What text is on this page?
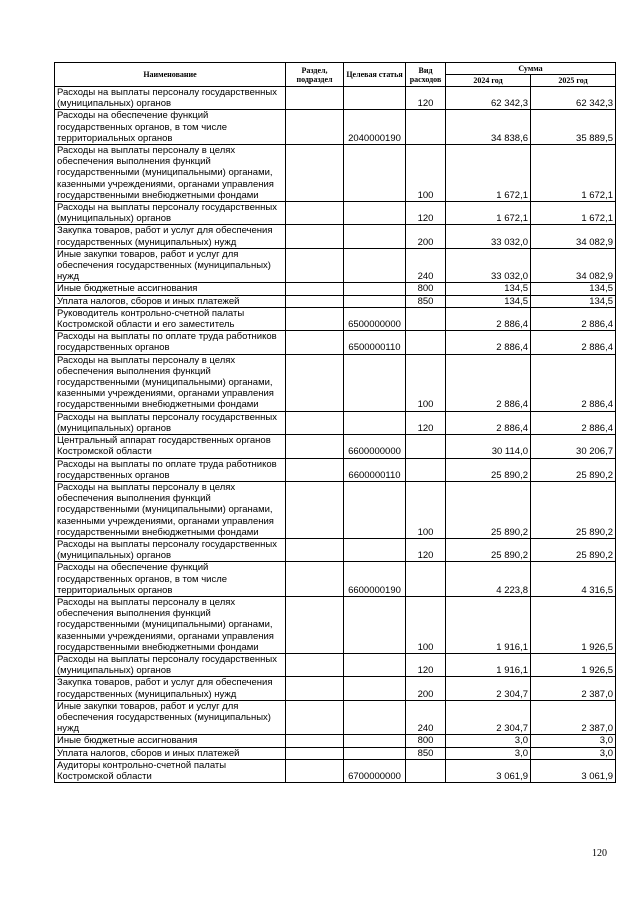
Наименование	Раздел, подраздел	Целевая статья	Вид расходов	Сумма	
				2024 год	2025 год
Расходы на выплаты персоналу государственных (муниципальных) органов			120	62 342,3	62 342,3
Расходы на обеспечение функций государственных органов, в том числе территориальных органов		2040000190		34 838,6	35 889,5
Расходы на выплаты персоналу в целях обеспечения выполнения функций государственными (муниципальными) органами, казенными учреждениями, органами управления государственными внебюджетными фондами			100	1 672,1	1 672,1
Расходы на выплаты персоналу государственных (муниципальных) органов			120	1 672,1	1 672,1
Закупка товаров, работ и услуг для обеспечения государственных (муниципальных) нужд			200	33 032,0	34 082,9
Иные закупки товаров, работ и услуг для обеспечения государственных (муниципальных) нужд			240	33 032,0	34 082,9
Иные бюджетные ассигнования			800	134,5	134,5
Уплата налогов, сборов и иных платежей			850	134,5	134,5
Руководитель контрольно-счетной палаты Костромской области и его заместитель		6500000000		2 886,4	2 886,4
Расходы на выплаты по оплате труда работников государственных органов		6500000110		2 886,4	2 886,4
Расходы на выплаты персоналу в целях обеспечения выполнения функций государственными (муниципальными) органами, казенными учреждениями, органами управления государственными внебюджетными фондами			100	2 886,4	2 886,4
Расходы на выплаты персоналу государственных (муниципальных) органов			120	2 886,4	2 886,4
Центральный аппарат государственных органов Костромской области		6600000000		30 114,0	30 206,7
Расходы на выплаты по оплате труда работников государственных органов		6600000110		25 890,2	25 890,2
Расходы на выплаты персоналу в целях обеспечения выполнения функций государственными (муниципальными) органами, казенными учреждениями, органами управления государственными внебюджетными фондами			100	25 890,2	25 890,2
Расходы на выплаты персоналу государственных (муниципальных) органов			120	25 890,2	25 890,2
Расходы на обеспечение функций государственных органов, в том числе территориальных органов		6600000190		4 223,8	4 316,5
Расходы на выплаты персоналу в целях обеспечения выполнения функций государственными (муниципальными) органами, казенными учреждениями, органами управления государственными внебюджетными фондами			100	1 916,1	1 926,5
Расходы на выплаты персоналу государственных (муниципальных) органов			120	1 916,1	1 926,5
Закупка товаров, работ и услуг для обеспечения государственных (муниципальных) нужд			200	2 304,7	2 387,0
Иные закупки товаров, работ и услуг для обеспечения государственных (муниципальных) нужд			240	2 304,7	2 387,0
Иные бюджетные ассигнования			800	3,0	3,0
Уплата налогов, сборов и иных платежей			850	3,0	3,0
Аудиторы контрольно-счетной палаты Костромской области		6700000000		3 061,9	3 061,9
120
